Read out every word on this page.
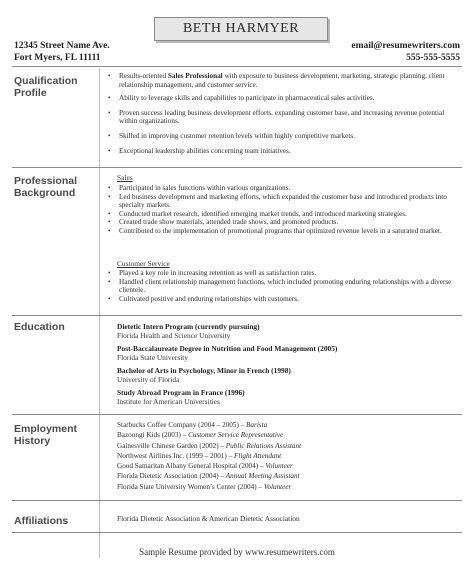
BETH HARMYER
12345 Street Name Ave.
Fort Myers, FL 11111
email@resumewriters.com
555-555-5555
Qualification
Profile
• Results-oriented Sales Professional with exposure to business development, marketing, strategic planning, client relationship management, and customer service.
• Ability to leverage skills and capabilities to participate in pharmaceutical sales activities.
• Proven success leading business development efforts, expanding customer base, and increasing revenue potential within organizations.
• Skilled in improving customer retention levels within highly competitive markets.
• Exceptional leadership abilities concerning team initiatives.
Professional
Background
Sales
• Participated in sales functions within various organizations.
• Led business development and marketing efforts, which expanded the customer base and introduced products into specialty markets.
• Conducted market research, identified emerging market trends, and introduced marketing strategies.
• Created trade show materials, attended trade shows, and promoted products.
• Contributed to the implementation of promotional programs that optimized revenue levels in a saturated market.
Customer Service
• Played a key role in increasing retention as well as satisfaction rates.
• Handled client relationship management functions, which included promoting enduring relationships with a diverse clientele.
• Cultivated positive and enduring relationships with customers.
Education	Dietetic Intern Program (currently pursuing)
Florida Health and Science University
Post-Baccalaureate Degree in Nutrition and Food Management (2005)
Florida State University
Bachelor of Arts in Psychology, Minor in French (1998)
University of Florida
Study Abroad Program in France (1996)
Institute for American Universities
Employment
History
Starbucks Coffee Company (2004 – 2005) – Barista
Bazoongi Kids (2003) – Customer Service Representative
Gainesville Chinese Garden (2002) – Public Relations Assistant
Northwest Airlines Inc. (1999 – 2001) – Flight Attendant
Good Samaritan Albany General Hospital (2004) – Volunteer
Florida Dietetic Association (2004) – Annual Meeting Assistant
Florida State University Women’s Center (2004) – Volunteer
Affiliations	Florida Dietetic Association & American Dietetic Association
Sample Resume provided by www.resumewriters.com
